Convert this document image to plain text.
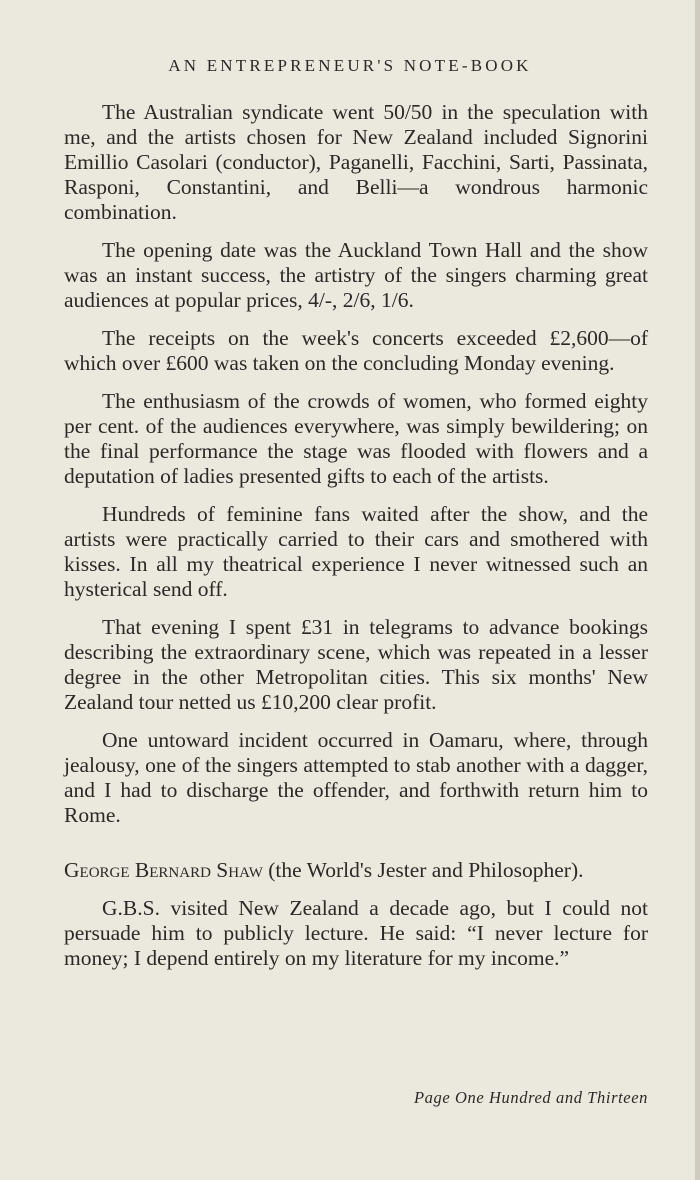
AN ENTREPRENEUR'S NOTE-BOOK

The Australian syndicate went 50/50 in the speculation with me, and the artists chosen for New Zealand included Signorini Emillio Casolari (conductor), Paganelli, Facchini, Sarti, Passinata, Rasponi, Constantini, and Belli—a wondrous harmonic combination.

The opening date was the Auckland Town Hall and the show was an instant success, the artistry of the singers charming great audiences at popular prices, 4/-, 2/6, 1/6.

The receipts on the week's concerts exceeded £2,600—of which over £600 was taken on the concluding Monday evening.

The enthusiasm of the crowds of women, who formed eighty per cent. of the audiences everywhere, was simply bewildering; on the final performance the stage was flooded with flowers and a deputation of ladies presented gifts to each of the artists.

Hundreds of feminine fans waited after the show, and the artists were practically carried to their cars and smothered with kisses. In all my theatrical experience I never witnessed such an hysterical send off.

That evening I spent £31 in telegrams to advance bookings describing the extraordinary scene, which was repeated in a lesser degree in the other Metropolitan cities. This six months' New Zealand tour netted us £10,200 clear profit.

One untoward incident occurred in Oamaru, where, through jealousy, one of the singers attempted to stab another with a dagger, and I had to discharge the offender, and forthwith return him to Rome.

George Bernard Shaw (the World's Jester and Philosopher).

G.B.S. visited New Zealand a decade ago, but I could not persuade him to publicly lecture. He said: “I never lecture for money; I depend entirely on my literature for my income.”

Page One Hundred and Thirteen
